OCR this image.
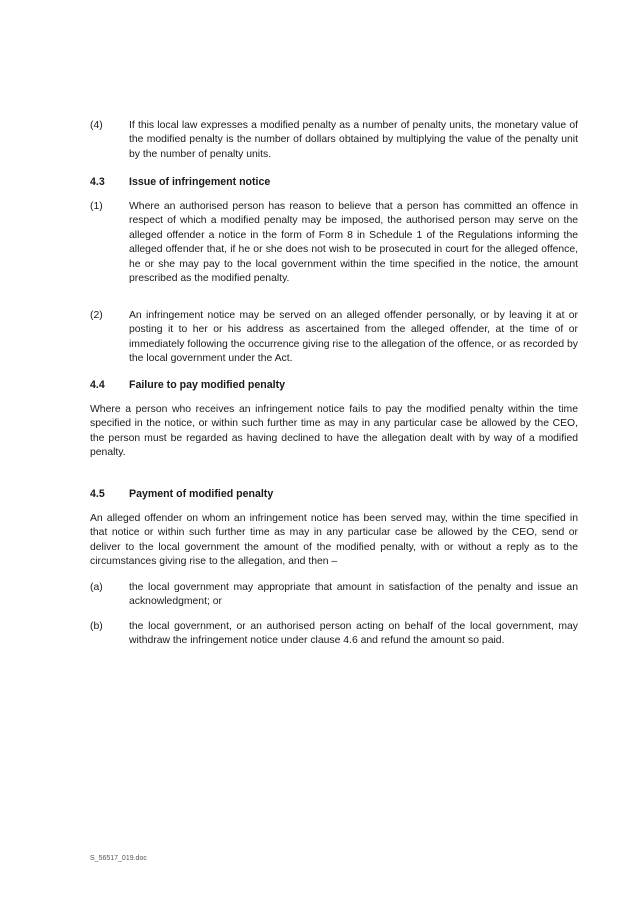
(4)	If this local law expresses a modified penalty as a number of penalty units, the monetary value of the modified penalty is the number of dollars obtained by multiplying the value of the penalty unit by the number of penalty units.

4.3 Issue of infringement notice

(1)	Where an authorised person has reason to believe that a person has committed an offence in respect of which a modified penalty may be imposed, the authorised person may serve on the alleged offender a notice in the form of Form 8 in Schedule 1 of the Regulations informing the alleged offender that, if he or she does not wish to be prosecuted in court for the alleged offence, he or she may pay to the local government within the time specified in the notice, the amount prescribed as the modified penalty.

(2)	An infringement notice may be served on an alleged offender personally, or by leaving it at or posting it to her or his address as ascertained from the alleged offender, at the time of or immediately following the occurrence giving rise to the allegation of the offence, or as recorded by the local government under the Act.

4.4 Failure to pay modified penalty

Where a person who receives an infringement notice fails to pay the modified penalty within the time specified in the notice, or within such further time as may in any particular case be allowed by the CEO, the person must be regarded as having declined to have the allegation dealt with by way of a modified penalty.

4.5 Payment of modified penalty

An alleged offender on whom an infringement notice has been served may, within the time specified in that notice or within such further time as may in any particular case be allowed by the CEO, send or deliver to the local government the amount of the modified penalty, with or without a reply as to the circumstances giving rise to the allegation, and then –

(a)	the local government may appropriate that amount in satisfaction of the penalty and issue an acknowledgment; or

(b)	the local government, or an authorised person acting on behalf of the local government, may withdraw the infringement notice under clause 4.6 and refund the amount so paid.

S_56517_019.doc
